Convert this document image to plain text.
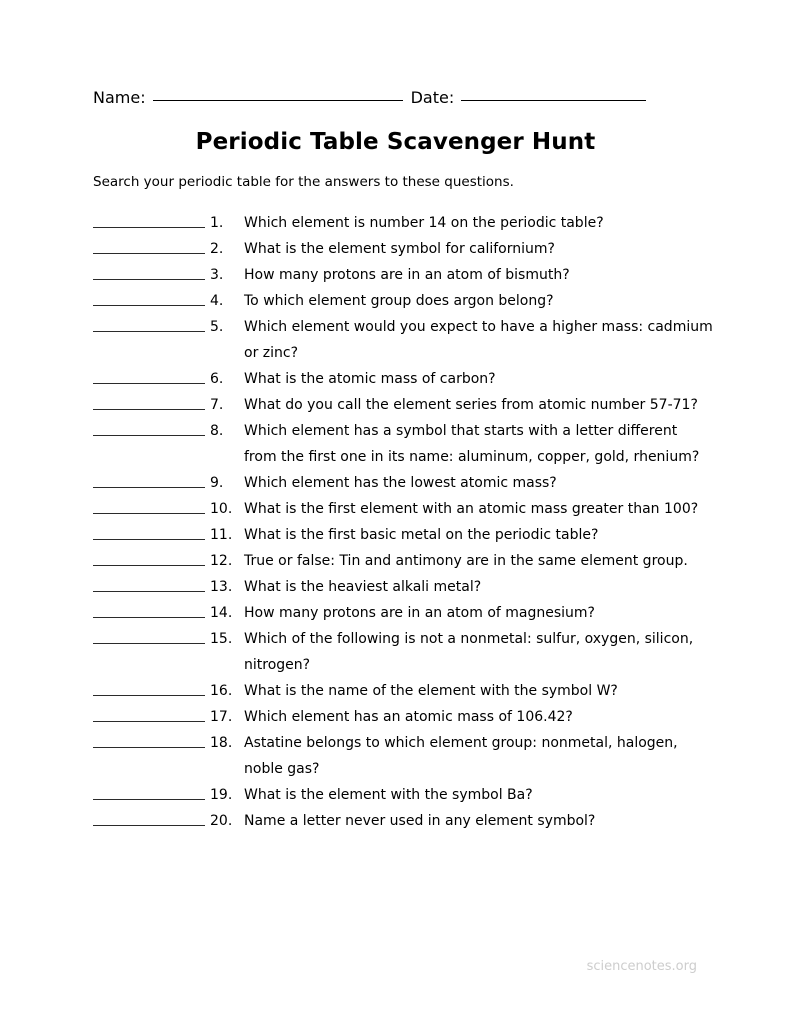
Name:	Date:
Periodic Table Scavenger Hunt
Search your periodic table for the answers to these questions.
1.	Which element is number 14 on the periodic table?
2.	What is the element symbol for californium?
3.	How many protons are in an atom of bismuth?
4.	To which element group does argon belong?
5.	Which element would you expect to have a higher mass: cadmium or zinc?
6.	What is the atomic mass of carbon?
7.	What do you call the element series from atomic number 57-71?
8.	Which element has a symbol that starts with a letter different from the first one in its name: aluminum, copper, gold, rhenium?
9.	Which element has the lowest atomic mass?
10. What is the first element with an atomic mass greater than 100?
11. What is the first basic metal on the periodic table?
12. True or false: Tin and antimony are in the same element group.
13. What is the heaviest alkali metal?
14. How many protons are in an atom of magnesium?
15. Which of the following is not a nonmetal: sulfur, oxygen, silicon, nitrogen?
16. What is the name of the element with the symbol W?
17. Which element has an atomic mass of 106.42?
18. Astatine belongs to which element group: nonmetal, halogen, noble gas?
19. What is the element with the symbol Ba?
20. Name a letter never used in any element symbol?
sciencenotes.org
